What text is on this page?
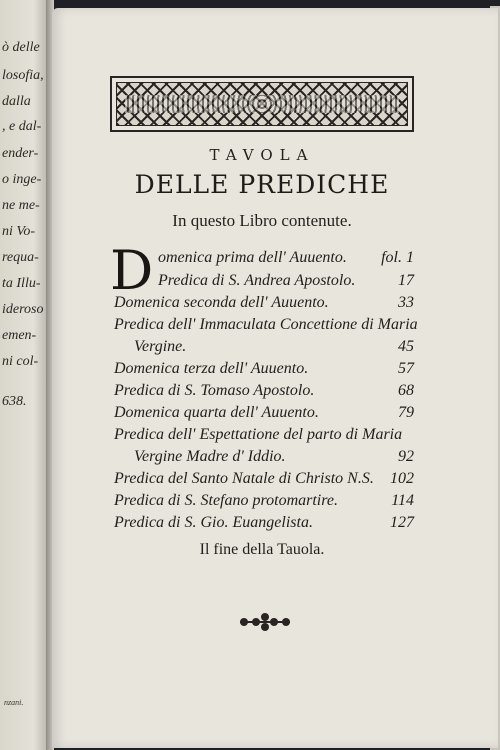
ò delle
losofia,
dalla
, e dal-
ender-
o inge-
ne me-
ni Vo-
requa-
ta Illu-
ideroso
emen-
ni col-
638.
nzani.
TAVOLA
DELLE PREDICHE
In questo Libro contenute.
D omenica prima dell' Auuento.	fol. 1
Predica di S. Andrea Apostolo.	17
Domenica seconda dell' Auuento.	33
Predica dell' Immaculata Concettione di Maria
Vergine.	45
Domenica terza dell' Auuento.	57
Predica di S. Tomaso Apostolo.	68
Domenica quarta dell' Auuento.	79
Predica dell' Espettatione del parto di Maria
Vergine Madre d' Iddio.	92
Predica del Santo Natale di Christo N.S.	102
Predica di S. Stefano protomartire.	114
Predica di S. Gio. Euangelista.	127
Il fine della Tauola.
